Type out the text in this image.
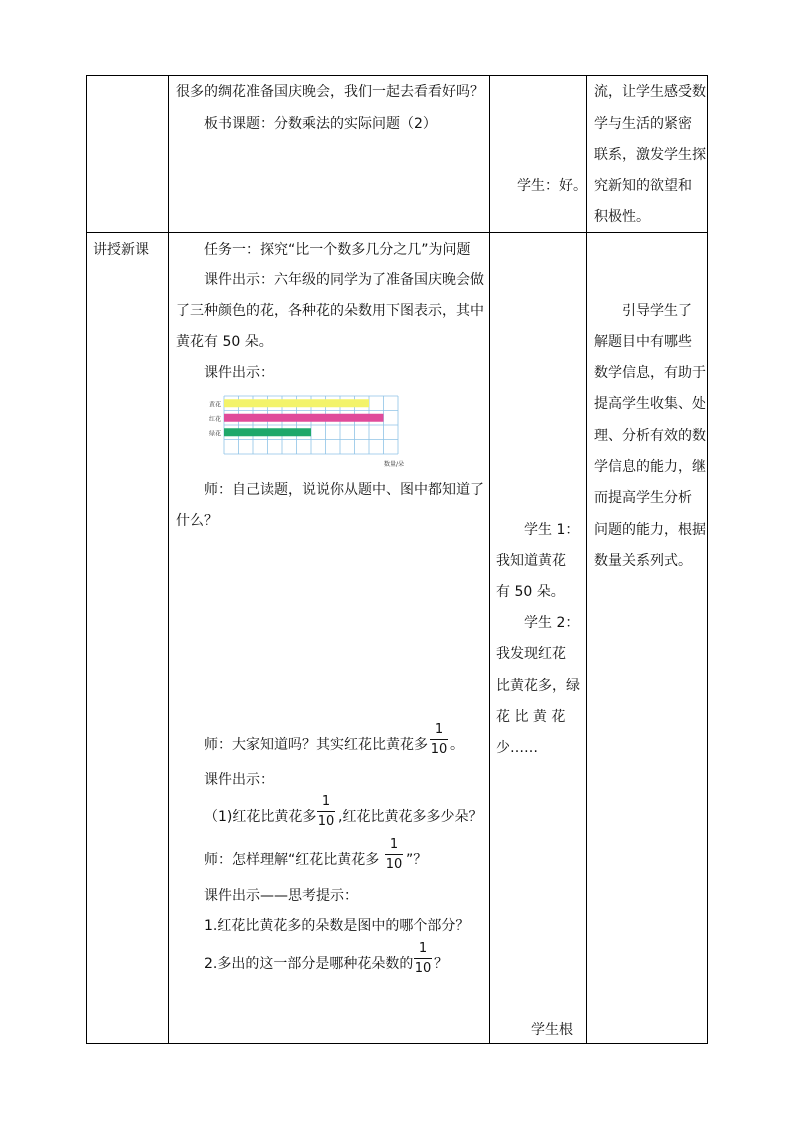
很多的绸花准备国庆晚会，我们一起去看看好吗？
板书课题：分数乘法的实际问题（2）
学生：好。
流，让学生感受数
学与生活的紧密
联系，激发学生探
究新知的欲望和
积极性。
讲授新课	任务一：探究“比一个数多几分之几”为问题
课件出示：六年级的同学为了准备国庆晚会做
了三种颜色的花，各种花的朵数用下图表示，其中
黄花有 50 朵。
课件出示：
黄花
红花
绿花
数量/朵
师：自己读题，说说你从题中、图中都知道了
什么？
师：大家知道吗？其实红花比黄花多
1
10 。
课件出示：
（1)红花比黄花多
1
10 ,红花比黄花多多少朵？
师：怎样理解“红花比黄花多
1
10 ”？
课件出示——思考提示：
1.红花比黄花多的朵数是图中的哪个部分？
2.多出的这一部分是哪种花朵数的
1
10 ？
学生 1：
我知道黄花
有 50 朵。
学生 2：
我发现红花
比黄花多，绿
花 比 黄 花
少……
学生根
引导学生了
解题目中有哪些
数学信息，有助于
提高学生收集、处
理、分析有效的数
学信息的能力，继
而提高学生分析
问题的能力，根据
数量关系列式。
